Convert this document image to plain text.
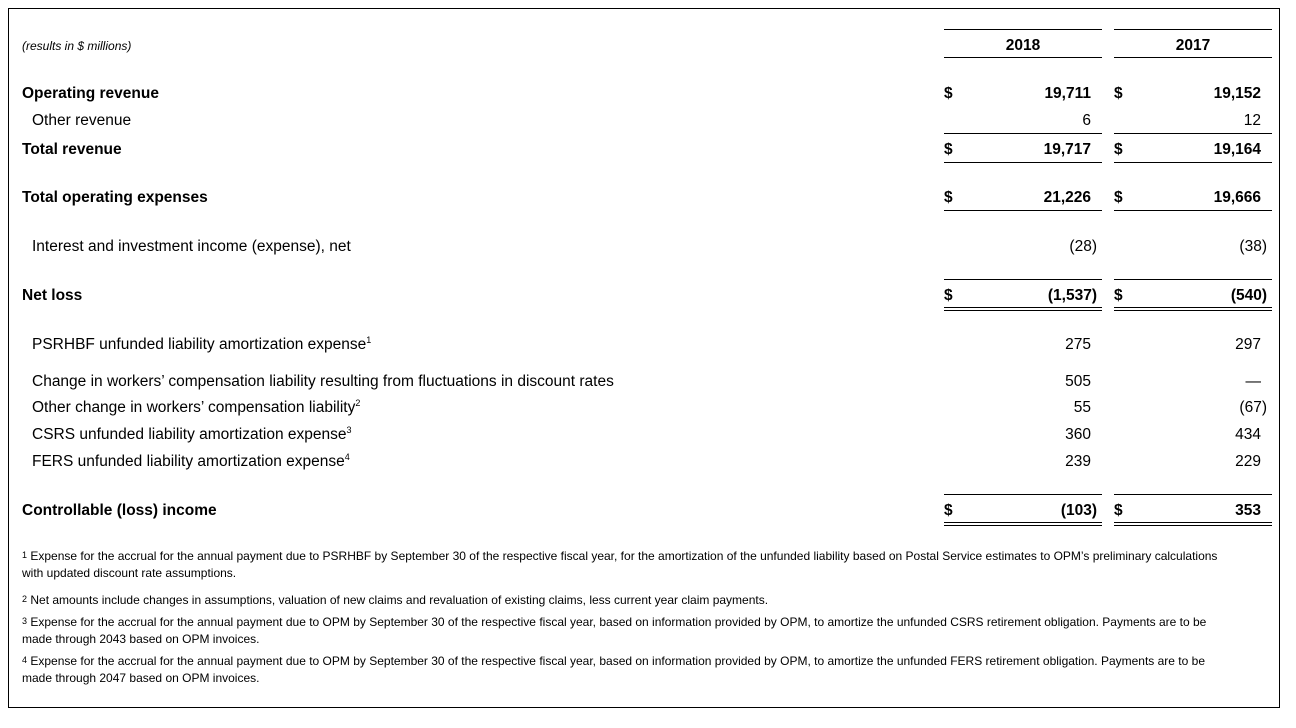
(results in $ millions)	2018	2017
Operating revenue	$	19,711 $	19,152
Other revenue	6	12
Total revenue	$	19,717 $	19,164
Total operating expenses	$	21,226 $	19,666
Interest and investment income (expense), net	(28)	(38)
Net loss	$	(1,537) $	(540)
PSRHBF unfunded liability amortization expense$^1$	275	297
Change in workers’ compensation liability resulting from fluctuations in discount rates	505	—
Other change in workers’ compensation liability$^2$	55	(67)
CSRS unfunded liability amortization expense$^3$	360	434
FERS unfunded liability amortization expense$^4$	239	229
Controllable (loss) income	$	(103) $	353
$^1$ Expense for the accrual for the annual payment due to PSRHBF by September 30 of the respective fiscal year, for the amortization of the unfunded liability based on Postal Service estimates to OPM’s preliminary calculations with updated discount rate assumptions.
$^2$ Net amounts include changes in assumptions, valuation of new claims and revaluation of existing claims, less current year claim payments.
$^3$ Expense for the accrual for the annual payment due to OPM by September 30 of the respective fiscal year, based on information provided by OPM, to amortize the unfunded CSRS retirement obligation. Payments are to be made through 2043 based on OPM invoices.
$^4$ Expense for the accrual for the annual payment due to OPM by September 30 of the respective fiscal year, based on information provided by OPM, to amortize the unfunded FERS retirement obligation. Payments are to be made through 2047 based on OPM invoices.
